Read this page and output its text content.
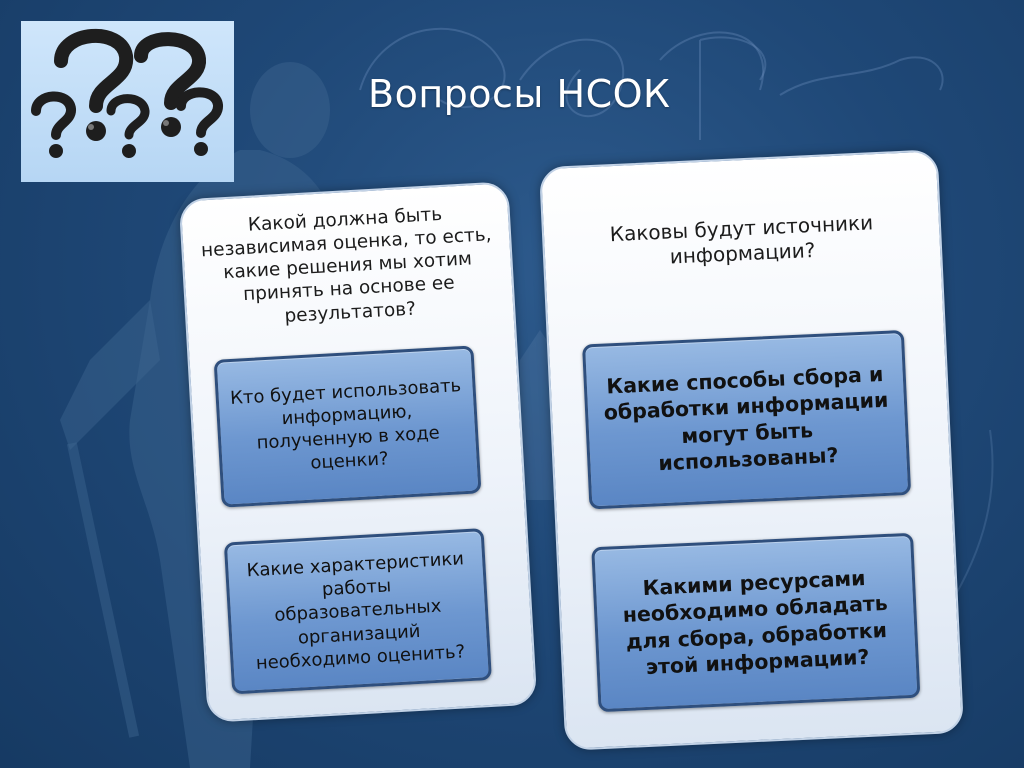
Вопросы НСОК
Какой должна быть независимая оценка, то есть, какие решения мы хотим принять на основе ее результатов?
Кто будет использовать информацию, полученную в ходе оценки?
Какие характеристики работы образовательных организаций необходимо оценить?
Каковы будут источники информации?
Какие способы сбора и обработки информации могут быть использованы?
Какими ресурсами необходимо обладать для сбора, обработки этой информации?
